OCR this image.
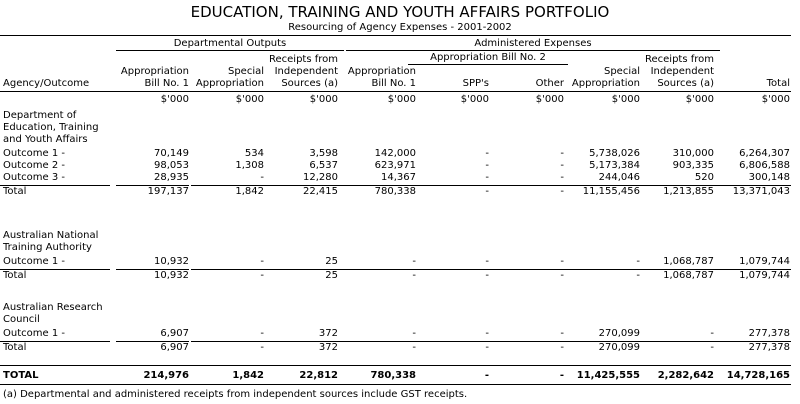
EDUCATION, TRAINING AND YOUTH AFFAIRS PORTFOLIO
Resourcing of Agency Expenses - 2001-2002
Departmental Outputs	Administered Expenses
Appropriation Bill No. 2
Agency/Outcome
Appropriation
Bill No. 1
Special
Appropriation
Receipts from
Independent
Sources (a)
Appropriation
Bill No. 1	SPP's	Other
Special
Appropriation
Receipts from
Independent
Sources (a)	Total
(a) Departmental and administered receipts from independent sources include GST receipts.
$'000	$'000	$'000	$'000	$'000	$'000	$'000	$'000	$'000
Department of
Education, Training
and Youth Affairs
Outcome 1 -	70,149	534	3,598	142,000	-	-	5,738,026	310,000	6,264,307
Outcome 2 -	98,053	1,308	6,537	623,971	-	-	5,173,384	903,335	6,806,588
Outcome 3 -	28,935	-	12,280	14,367	-	-	244,046	520	300,148
Total	197,137	1,842	22,415	780,338	-	- 11,155,456 1,213,855 13,371,043
Australian National
Training Authority
Outcome 1 -	10,932	-	25	-	-	-	- 1,068,787	1,079,744
Total	10,932	-	25	-	-	-	- 1,068,787	1,079,744
Australian Research
Council
Outcome 1 -	6,907	-	372	-	-	-	270,099	-	277,378
Total	6,907	-	372	-	-	-	270,099	-	277,378
TOTAL	214,976	1,842	22,812	780,338	-	- 11,425,555 2,282,642 14,728,165
